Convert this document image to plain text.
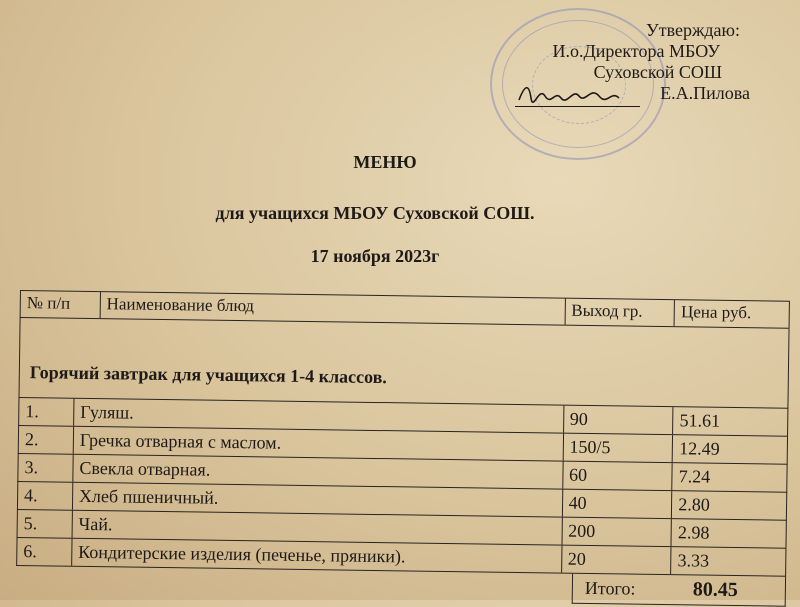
Утверждаю:
И.о.Директора МБОУ
Суховской СОШ
Е.А.Пилова
МЕНЮ
для учащихся МБОУ Суховской СОШ.
17 ноября 2023г
№ п/п	Наименование блюд	Выход гр.	Цена руб.
Горячий завтрак для учащихся 1-4 классов.
1.	Гуляш.	90	51.61
2.	Гречка отварная с маслом.	150/5	12.49
3.	Свекла отварная.	60	7.24
4.	Хлеб пшеничный.	40	2.80
5.	Чай.	200	2.98
6.	Кондитерские изделия (печенье, пряники).	20	3.33
Итого:	80.45
